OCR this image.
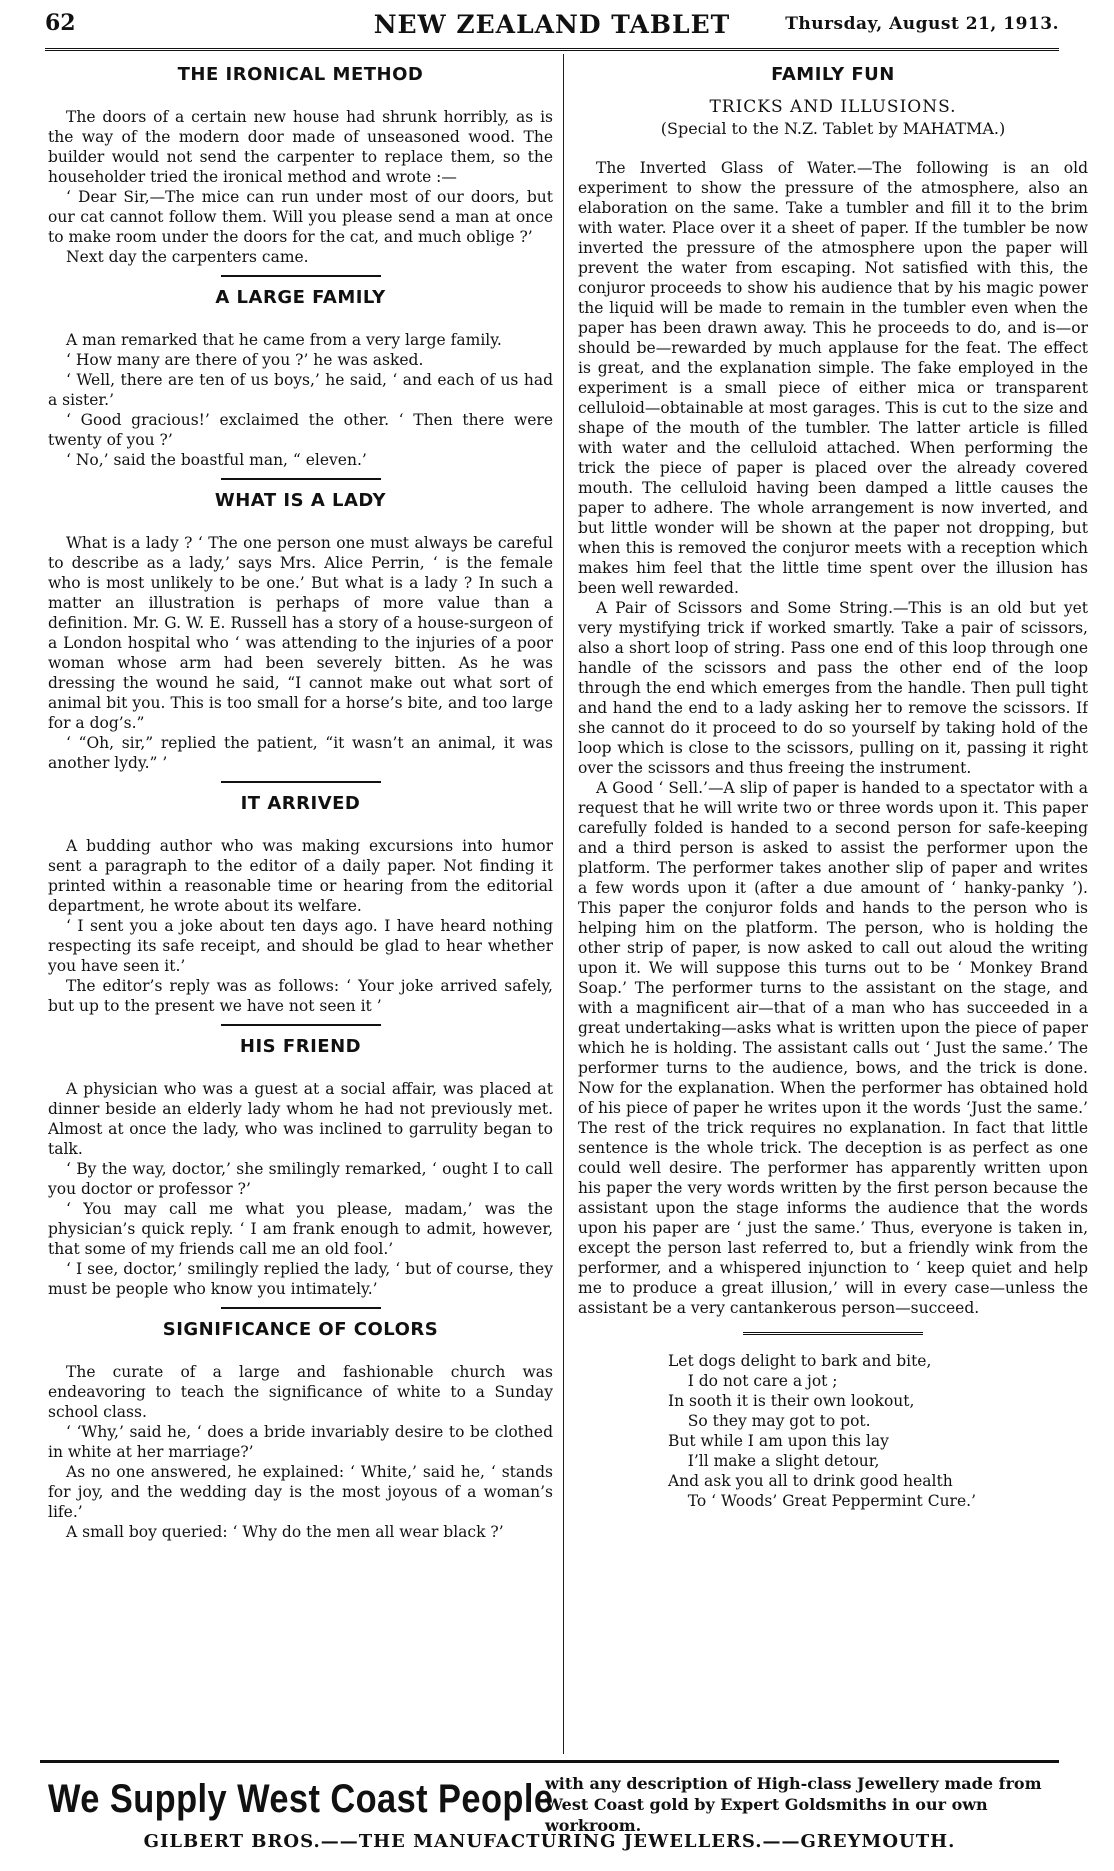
62	NEW ZEALAND TABLET	Thursday, August 21, 1913.
THE IRONICAL METHOD

The doors of a certain new house had shrunk horribly, as is the way of the modern door made of unseasoned wood. The builder would not send the carpenter to replace them, so the householder tried the ironical method and wrote :—

‘ Dear Sir,—The mice can run under most of our doors, but our cat cannot follow them. Will you please send a man at once to make room under the doors for the cat, and much oblige ?’

Next day the carpenters came.

A LARGE FAMILY

A man remarked that he came from a very large family.

‘ How many are there of you ?’ he was asked.

‘ Well, there are ten of us boys,’ he said, ‘ and each of us had a sister.’

‘ Good gracious!’ exclaimed the other. ‘ Then there were twenty of you ?’

‘ No,’ said the boastful man, “ eleven.’

WHAT IS A LADY

What is a lady ? ‘ The one person one must always be careful to describe as a lady,’ says Mrs. Alice Perrin, ‘ is the female who is most unlikely to be one.’ But what is a lady ? In such a matter an illustration is perhaps of more value than a definition. Mr. G. W. E. Russell has a story of a house-surgeon of a London hospital who ‘ was attending to the injuries of a poor woman whose arm had been severely bitten. As he was dressing the wound he said, “I cannot make out what sort of animal bit you. This is too small for a horse’s bite, and too large for a dog’s.”

‘ “Oh, sir,” replied the patient, “it wasn’t an animal, it was another lydy.” ’

IT ARRIVED

A budding author who was making excursions into humor sent a paragraph to the editor of a daily paper. Not finding it printed within a reasonable time or hearing from the editorial department, he wrote about its welfare.

‘ I sent you a joke about ten days ago. I have heard nothing respecting its safe receipt, and should be glad to hear whether you have seen it.’

The editor’s reply was as follows: ‘ Your joke arrived safely, but up to the present we have not seen it ’

HIS FRIEND

A physician who was a guest at a social affair, was placed at dinner beside an elderly lady whom he had not previously met. Almost at once the lady, who was inclined to garrulity began to talk.

‘ By the way, doctor,’ she smilingly remarked, ‘ ought I to call you doctor or professor ?’

‘ You may call me what you please, madam,’ was the physician’s quick reply. ‘ I am frank enough to admit, however, that some of my friends call me an old fool.’

‘ I see, doctor,’ smilingly replied the lady, ‘ but of course, they must be people who know you intimately.’

SIGNIFICANCE OF COLORS

The curate of a large and fashionable church was endeavoring to teach the significance of white to a Sunday school class.

‘ ‘Why,’ said he, ‘ does a bride invariably desire to be clothed in white at her marriage?’

As no one answered, he explained: ‘ White,’ said he, ‘ stands for joy, and the wedding day is the most joyous of a woman’s life.’

A small boy queried: ‘ Why do the men all wear black ?’

FAMILY FUN
TRICKS AND ILLUSIONS.
(Special to the N.Z. Tablet by MAHATMA.)

The Inverted Glass of Water.—The following is an old experiment to show the pressure of the atmosphere, also an elaboration on the same. Take a tumbler and fill it to the brim with water. Place over it a sheet of paper. If the tumbler be now inverted the pressure of the atmosphere upon the paper will prevent the water from escaping. Not satisfied with this, the conjuror proceeds to show his audience that by his magic power the liquid will be made to remain in the tumbler even when the paper has been drawn away. This he proceeds to do, and is—or should be—rewarded by much applause for the feat. The effect is great, and the explanation simple. The fake employed in the experiment is a small piece of either mica or transparent celluloid—obtainable at most garages. This is cut to the size and shape of the mouth of the tumbler. The latter article is filled with water and the celluloid attached. When performing the trick the piece of paper is placed over the already covered mouth. The celluloid having been damped a little causes the paper to adhere. The whole arrangement is now inverted, and but little wonder will be shown at the paper not dropping, but when this is removed the conjuror meets with a reception which makes him feel that the little time spent over the illusion has been well rewarded.

A Pair of Scissors and Some String.—This is an old but yet very mystifying trick if worked smartly. Take a pair of scissors, also a short loop of string. Pass one end of this loop through one handle of the scissors and pass the other end of the loop through the end which emerges from the handle. Then pull tight and hand the end to a lady asking her to remove the scissors. If she cannot do it proceed to do so yourself by taking hold of the loop which is close to the scissors, pulling on it, passing it right over the scissors and thus freeing the instrument.

A Good ‘ Sell.’—A slip of paper is handed to a spectator with a request that he will write two or three words upon it. This paper carefully folded is handed to a second person for safe-keeping and a third person is asked to assist the performer upon the platform. The performer takes another slip of paper and writes a few words upon it (after a due amount of ‘ hanky-panky ’). This paper the conjuror folds and hands to the person who is helping him on the platform. The person, who is holding the other strip of paper, is now asked to call out aloud the writing upon it. We will suppose this turns out to be ‘ Monkey Brand Soap.’ The performer turns to the assistant on the stage, and with a magnificent air—that of a man who has succeeded in a great undertaking—asks what is written upon the piece of paper which he is holding. The assistant calls out ‘ Just the same.’ The performer turns to the audience, bows, and the trick is done. Now for the explanation. When the performer has obtained hold of his piece of paper he writes upon it the words ‘Just the same.’ The rest of the trick requires no explanation. In fact that little sentence is the whole trick. The deception is as perfect as one could well desire. The performer has apparently written upon his paper the very words written by the first person because the assistant upon the stage informs the audience that the words upon his paper are ‘ just the same.’ Thus, everyone is taken in, except the person last referred to, but a friendly wink from the performer, and a whispered injunction to ‘ keep quiet and help me to produce a great illusion,’ will in every case—unless the assistant be a very cantankerous person—succeed.

Let dogs delight to bark and bite,
I do not care a jot ;
In sooth it is their own lookout,
So they may got to pot.
But while I am upon this lay
I’ll make a slight detour,
And ask you all to drink good health
To ‘ Woods’ Great Peppermint Cure.’
We Supply West Coast People
with any description of High-class Jewellery made from West Coast gold by Expert Goldsmiths in our own workroom.
GILBERT BROS.——THE MANUFACTURING JEWELLERS.——GREYMOUTH.
